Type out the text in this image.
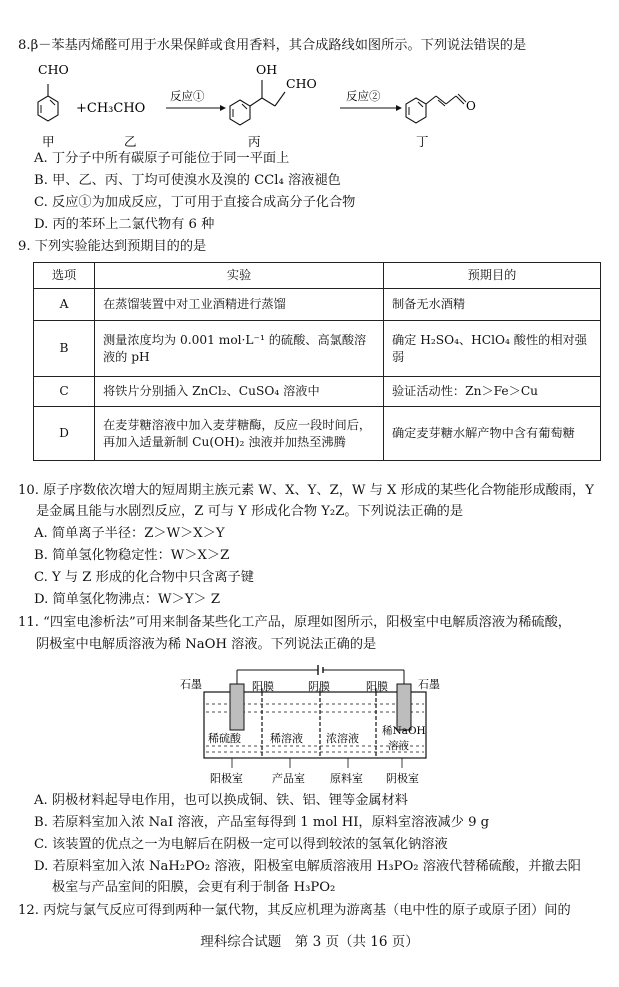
8.β－苯基丙烯醛可用于水果保鲜或食用香料，其合成路线如图所示。下列说法错误的是
CHO
+CH₃CHO
反应①
OH
CHO
反应②
O
甲	乙	丙	丁
A. 丁分子中所有碳原子可能位于同一平面上
B. 甲、乙、丙、丁均可使溴水及溴的 CCl₄ 溶液褪色
C. 反应①为加成反应，丁可用于直接合成高分子化合物
D. 丙的苯环上二氯代物有 6 种
9. 下列实验能达到预期目的的是
选项	实验	预期目的
A	在蒸馏装置中对工业酒精进行蒸馏	制备无水酒精
B	测量浓度均为 0.001 mol·L⁻¹ 的硫酸、高氯酸溶液的 pH	确定 H₂SO₄、HClO₄ 酸性的相对强弱
C	将铁片分别插入 ZnCl₂、CuSO₄ 溶液中	验证活动性：Zn＞Fe＞Cu
D	在麦芽糖溶液中加入麦芽糖酶，反应一段时间后，再加入适量新制 Cu(OH)₂ 浊液并加热至沸腾	确定麦芽糖水解产物中含有葡萄糖
10. 原子序数依次增大的短周期主族元素 W、X、Y、Z，W 与 X 形成的某些化合物能形成酸雨，Y
是金属且能与水剧烈反应，Z 可与 Y 形成化合物 Y₂Z。下列说法正确的是
A. 简单离子半径：Z＞W＞X＞Y
B. 简单氢化物稳定性：W＞X＞Z
C. Y 与 Z 形成的化合物中只含离子键
D. 简单氢化物沸点：W＞Y＞ Z
11. “四室电渗析法”可用来制备某些化工产品，原理如图所示，阳极室中电解质溶液为稀硫酸，
阴极室中电解质溶液为稀 NaOH 溶液。下列说法正确的是
石墨	石墨
阳膜	阴膜	阳膜
稀硫酸	稀溶液 浓溶液
稀NaOH
溶液
阳极室	产品室 原料室 阴极室
A. 阴极材料起导电作用，也可以换成铜、铁、铝、锂等金属材料
B. 若原料室加入浓 NaI 溶液，产品室每得到 1 mol HI，原料室溶液减少 9 g
C. 该装置的优点之一为电解后在阴极一定可以得到较浓的氢氧化钠溶液
D. 若原料室加入浓 NaH₂PO₂ 溶液，阳极室电解质溶液用 H₃PO₂ 溶液代替稀硫酸，并撤去阳
极室与产品室间的阳膜，会更有利于制备 H₃PO₂
12. 丙烷与氯气反应可得到两种一氯代物，其反应机理为游离基（电中性的原子或原子团）间的
理科综合试题　第 3 页（共 16 页）
